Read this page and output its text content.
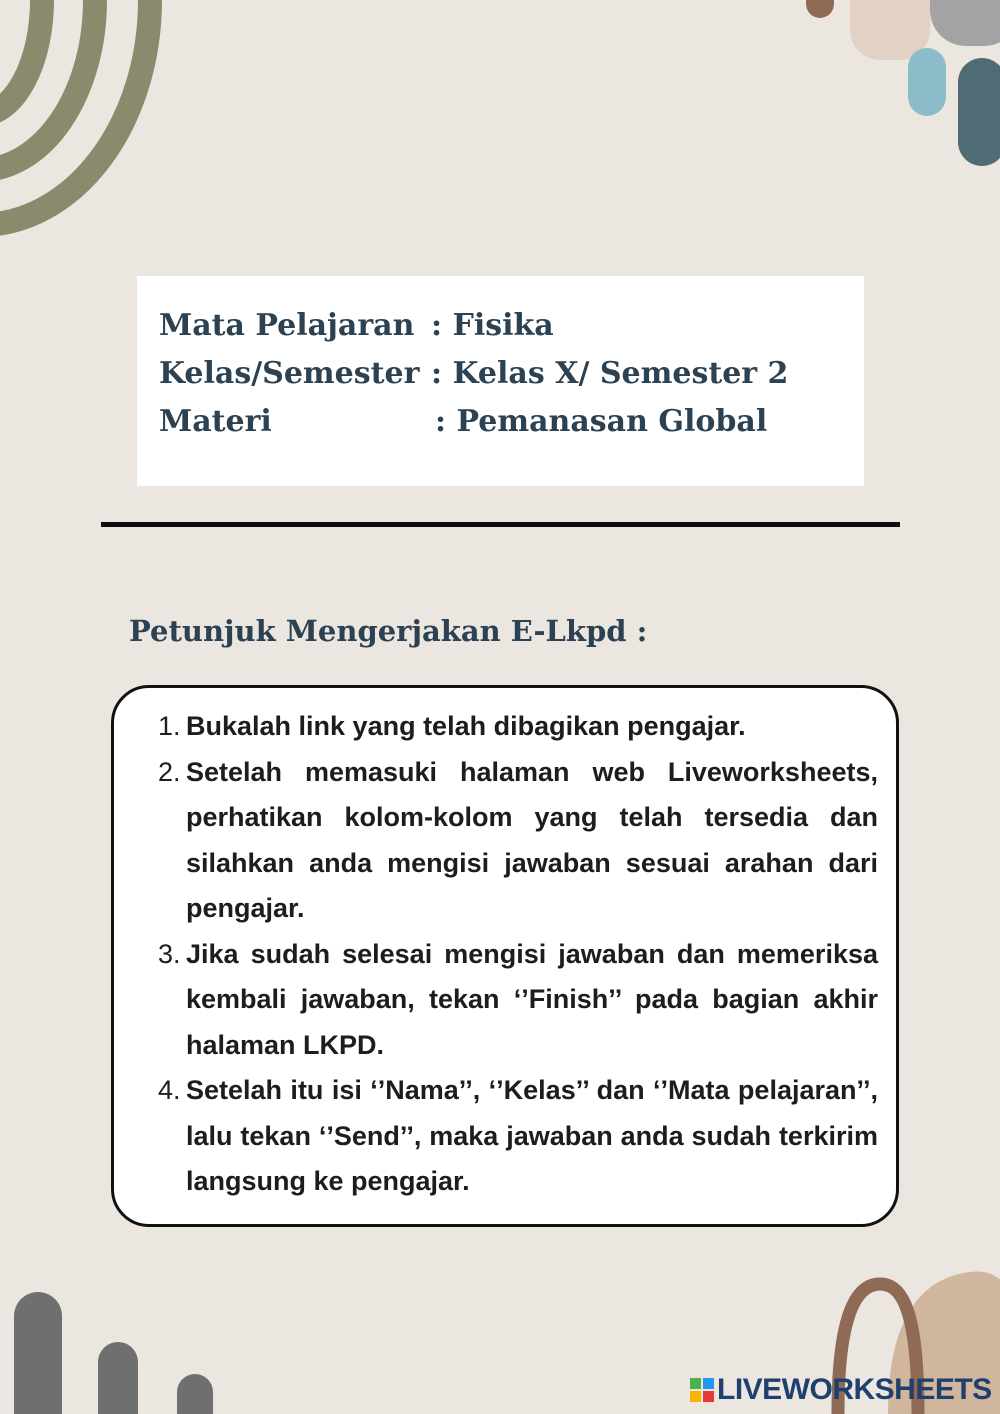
Mata Pelajaran : Fisika
Kelas/Semester : Kelas X/ Semester 2
Materi	: Pemanasan Global
Petunjuk Mengerjakan E-Lkpd :
1. Bukalah link yang telah dibagikan pengajar.
2. Setelah memasuki halaman web Liveworksheets, perhatikan kolom-kolom yang telah tersedia dan silahkan anda mengisi jawaban sesuai arahan dari pengajar.
3. Jika sudah selesai mengisi jawaban dan memeriksa kembali jawaban, tekan ‘’Finish’’ pada bagian akhir halaman LKPD.
4. Setelah itu isi ‘’Nama’’, ‘’Kelas’’ dan ‘’Mata pelajaran’’, lalu tekan ‘’Send’’, maka jawaban anda sudah terkirim langsung ke pengajar.
LIVEWORKSHEETS
